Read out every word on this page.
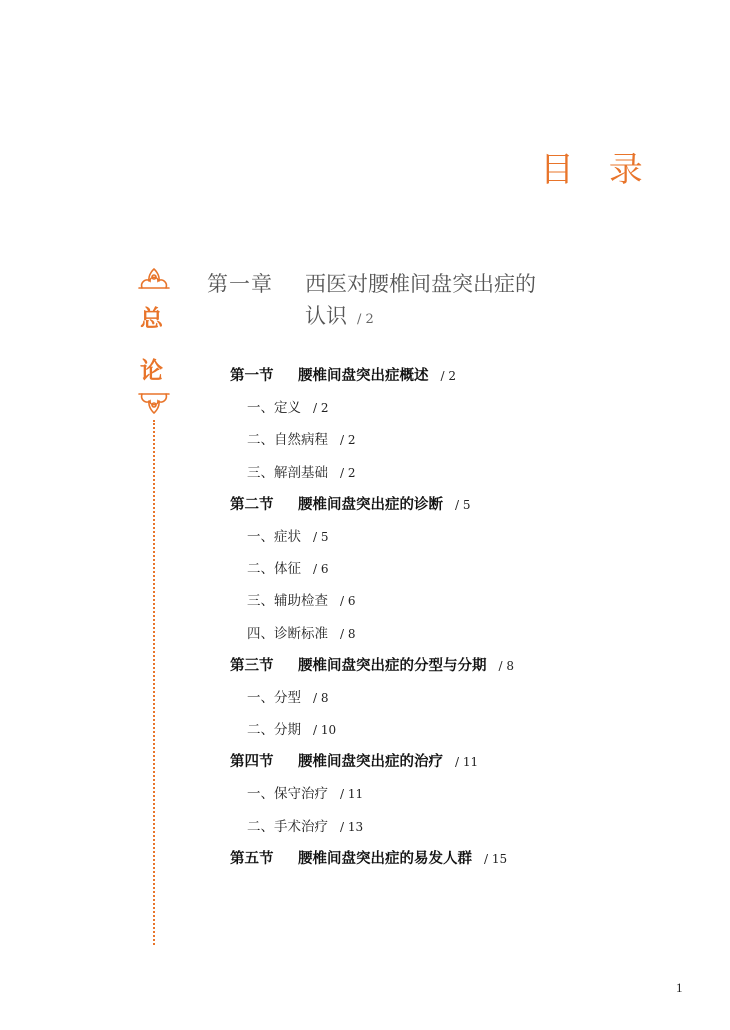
目 录
总
论
第一章 西医对腰椎间盘突出症的
认识 / 2
第一节 腰椎间盘突出症概述 / 2
一、定义 / 2
二、自然病程 / 2
三、解剖基础 / 2
第二节 腰椎间盘突出症的诊断 / 5
一、症状 / 5
二、体征 / 6
三、辅助检查 / 6
四、诊断标准 / 8
第三节 腰椎间盘突出症的分型与分期 / 8
一、分型 / 8
二、分期 / 10
第四节 腰椎间盘突出症的治疗 / 11
一、保守治疗 / 11
二、手术治疗 / 13
第五节 腰椎间盘突出症的易发人群 / 15
1
